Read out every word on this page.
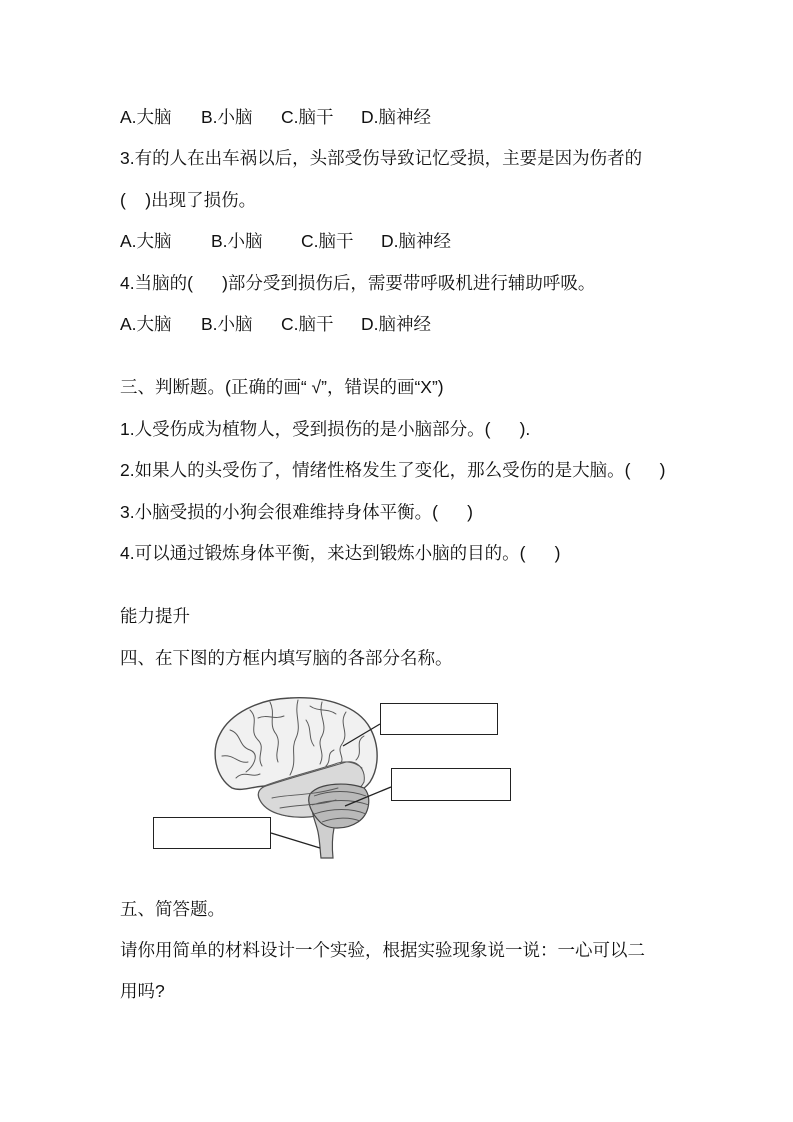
A.大脑 B.小脑 C.脑干 D.脑神经
3.有的人在出车祸以后，头部受伤导致记忆受损，主要是因为伤者的
(    )出现了损伤。
A.大脑 B.小脑 C.脑干 D.脑神经
4.当脑的(      )部分受到损伤后，需要带呼吸机进行辅助呼吸。
A.大脑 B.小脑 C.脑干 D.脑神经
三、判断题。(正确的画“ √”，错误的画“X”)
1.人受伤成为植物人，受到损伤的是小脑部分。(      ).
2.如果人的头受伤了，情绪性格发生了变化，那么受伤的是大脑。(      )
3.小脑受损的小狗会很难维持身体平衡。(      )
4.可以通过锻炼身体平衡，来达到锻炼小脑的目的。(      )
能力提升
四、在下图的方框内填写脑的各部分名称。
五、简答题。
请你用简单的材料设计一个实验，根据实验现象说一说：一心可以二
用吗?
